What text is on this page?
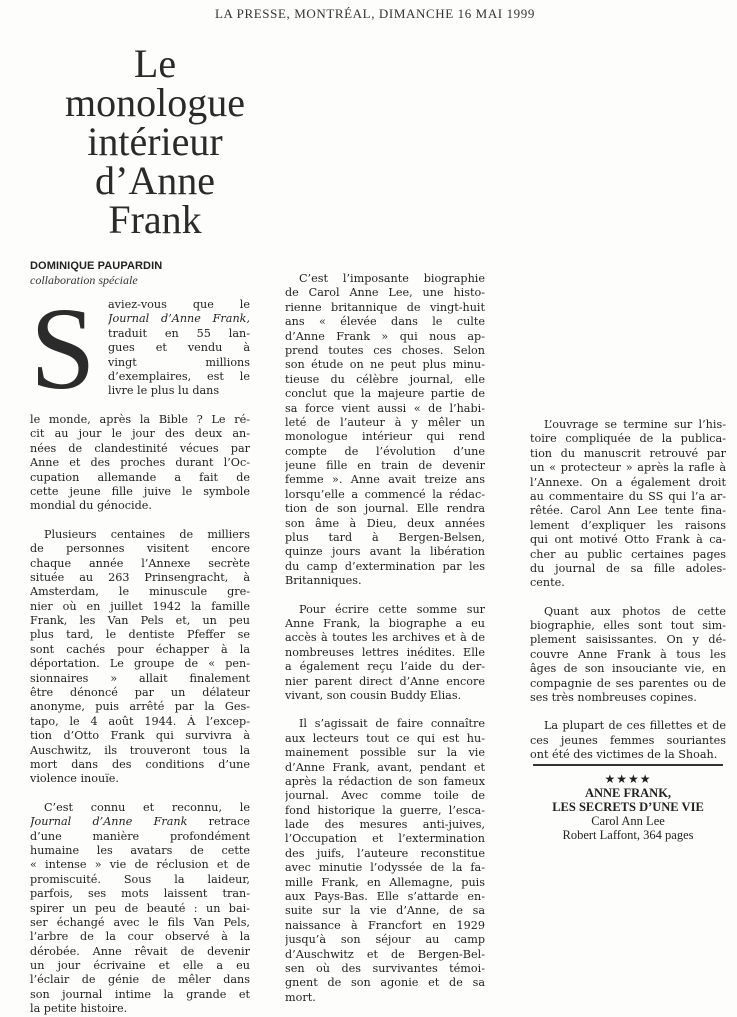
LA PRESSE, MONTRÉAL, DIMANCHE 16 MAI 1999
Le
monologue
intérieur
d’Anne
Frank
DOMINIQUE PAUPARDIN
collaboration spéciale
S aviez-vous que le
Journal d’Anne Frank,
traduit en 55 lan-
gues et vendu à
vingt millions
d’exemplaires, est le
livre le plus lu dans
le monde, après la Bible ? Le ré-
cit au jour le jour des deux an-
nées de clandestinité vécues par
Anne et des proches durant l’Oc-
cupation allemande a fait de
cette jeune fille juive le symbole
mondial du génocide.
Plusieurs centaines de milliers
de personnes visitent encore
chaque année l’Annexe secrète
située au 263 Prinsengracht, à
Amsterdam, le minuscule gre-
nier où en juillet 1942 la famille
Frank, les Van Pels et, un peu
plus tard, le dentiste Pfeffer se
sont cachés pour échapper à la
déportation. Le groupe de « pen-
sionnaires » allait finalement
être dénoncé par un délateur
anonyme, puis arrêté par la Ges-
tapo, le 4 août 1944. À l’excep-
tion d’Otto Frank qui survivra à
Auschwitz, ils trouveront tous la
mort dans des conditions d’une
violence inouïe.
C’est connu et reconnu, le
Journal d’Anne Frank retrace
d’une manière profondément
humaine les avatars de cette
« intense » vie de réclusion et de
promiscuité. Sous la laideur,
parfois, ses mots laissent tran-
spirer un peu de beauté : un bai-
ser échangé avec le fils Van Pels,
l’arbre de la cour observé à la
dérobée. Anne rêvait de devenir
un jour écrivaine et elle a eu
l’éclair de génie de mêler dans
son journal intime la grande et
la petite histoire.
C’est l’imposante biographie
de Carol Anne Lee, une histo-
rienne britannique de vingt-huit
ans « élevée dans le culte
d’Anne Frank » qui nous ap-
prend toutes ces choses. Selon
son étude on ne peut plus minu-
tieuse du célèbre journal, elle
conclut que la majeure partie de
sa force vient aussi « de l’habi-
leté de l’auteur à y mêler un
monologue intérieur qui rend
compte de l’évolution d’une
jeune fille en train de devenir
femme ». Anne avait treize ans
lorsqu’elle a commencé la rédac-
tion de son journal. Elle rendra
son âme à Dieu, deux années
plus tard à Bergen-Belsen,
quinze jours avant la libération
du camp d’extermination par les
Britanniques.
Pour écrire cette somme sur
Anne Frank, la biographe a eu
accès à toutes les archives et à de
nombreuses lettres inédites. Elle
a également reçu l’aide du der-
nier parent direct d’Anne encore
vivant, son cousin Buddy Elias.
Il s’agissait de faire connaître
aux lecteurs tout ce qui est hu-
mainement possible sur la vie
d’Anne Frank, avant, pendant et
après la rédaction de son fameux
journal. Avec comme toile de
fond historique la guerre, l’esca-
lade des mesures anti-juives,
l’Occupation et l’extermination
des juifs, l’auteure reconstitue
avec minutie l’odyssée de la fa-
mille Frank, en Allemagne, puis
aux Pays-Bas. Elle s’attarde en-
suite sur la vie d’Anne, de sa
naissance à Francfort en 1929
jusqu’à son séjour au camp
d’Auschwitz et de Bergen-Bel-
sen où des survivantes témoi-
gnent de son agonie et de sa
mort.
L’ouvrage se termine sur l’his-
toire compliquée de la publica-
tion du manuscrit retrouvé par
un « protecteur » après la rafle à
l’Annexe. On a également droit
au commentaire du SS qui l’a ar-
rêtée. Carol Ann Lee tente fina-
lement d’expliquer les raisons
qui ont motivé Otto Frank à ca-
cher au public certaines pages
du journal de sa fille adoles-
cente.
Quant aux photos de cette
biographie, elles sont tout sim-
plement saisissantes. On y dé-
couvre Anne Frank à tous les
âges de son insouciante vie, en
compagnie de ses parentes ou de
ses très nombreuses copines.
La plupart de ces fillettes et de
ces jeunes femmes souriantes
ont été des victimes de la Shoah.
★★★★
ANNE FRANK,
LES SECRETS D’UNE VIE
Carol Ann Lee
Robert Laffont, 364 pages
